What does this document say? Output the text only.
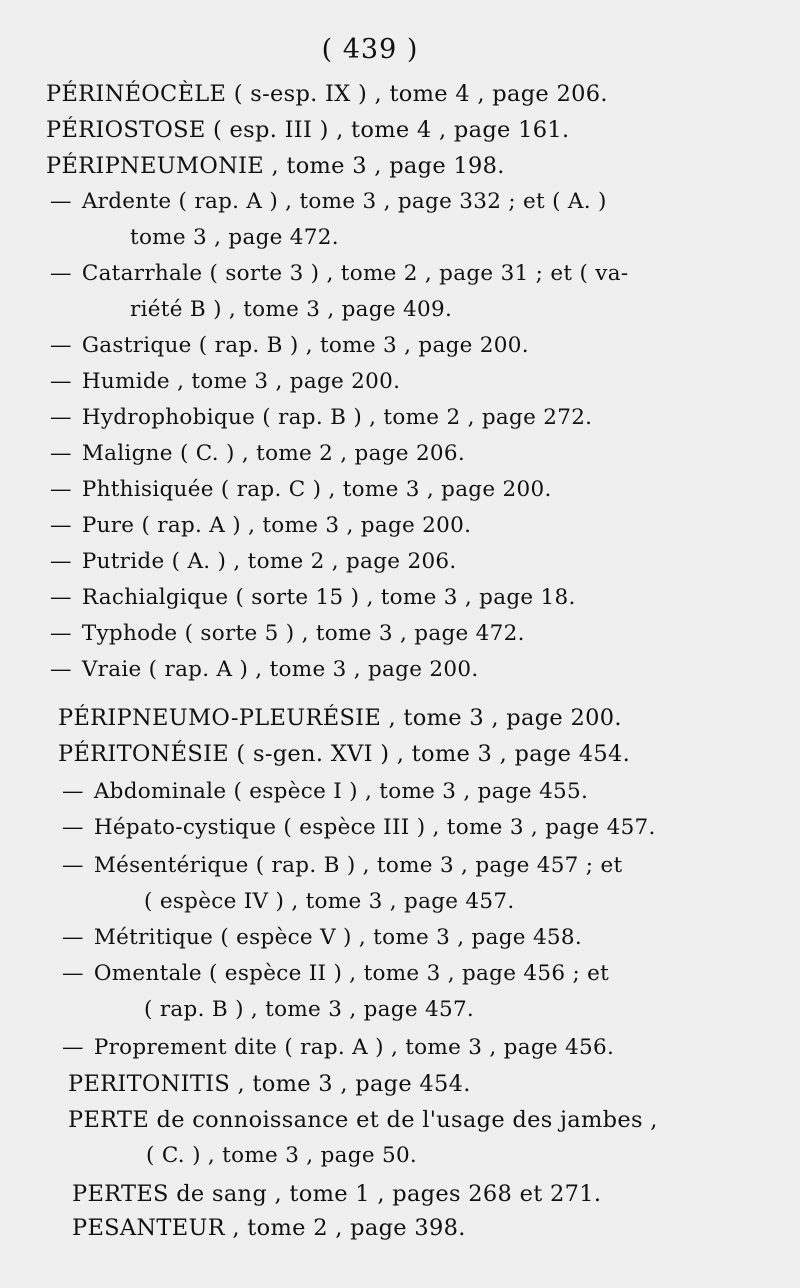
( 439 )
PÉRINÉOCÈLE ( s-esp. IX ) , tome 4 , page 206.
PÉRIOSTOSE ( esp. III ) , tome 4 , page 161.
PÉRIPNEUMONIE , tome 3 , page 198.
— Ardente ( rap. A ) , tome 3 , page 332 ; et ( A. )
tome 3 , page 472.
— Catarrhale ( sorte 3 ) , tome 2 , page 31 ; et ( va-
riété B ) , tome 3 , page 409.
— Gastrique ( rap. B ) , tome 3 , page 200.
— Humide , tome 3 , page 200.
— Hydrophobique ( rap. B ) , tome 2 , page 272.
— Maligne ( C. ) , tome 2 , page 206.
— Phthisiquée ( rap. C ) , tome 3 , page 200.
— Pure ( rap. A ) , tome 3 , page 200.
— Putride ( A. ) , tome 2 , page 206.
— Rachialgique ( sorte 15 ) , tome 3 , page 18.
— Typhode ( sorte 5 ) , tome 3 , page 472.
— Vraie ( rap. A ) , tome 3 , page 200.
PÉRIPNEUMO-PLEURÉSIE , tome 3 , page 200.
PÉRITONÉSIE ( s-gen. XVI ) , tome 3 , page 454.
— Abdominale ( espèce I ) , tome 3 , page 455.
— Hépato-cystique ( espèce III ) , tome 3 , page 457.
— Mésentérique ( rap. B ) , tome 3 , page 457 ; et
( espèce IV ) , tome 3 , page 457.
— Métritique ( espèce V ) , tome 3 , page 458.
— Omentale ( espèce II ) , tome 3 , page 456 ; et
( rap. B ) , tome 3 , page 457.
— Proprement dite ( rap. A ) , tome 3 , page 456.
PERITONITIS , tome 3 , page 454.
PERTE de connoissance et de l'usage des jambes ,
( C. ) , tome 3 , page 50.
PERTES de sang , tome 1 , pages 268 et 271.
PESANTEUR , tome 2 , page 398.
